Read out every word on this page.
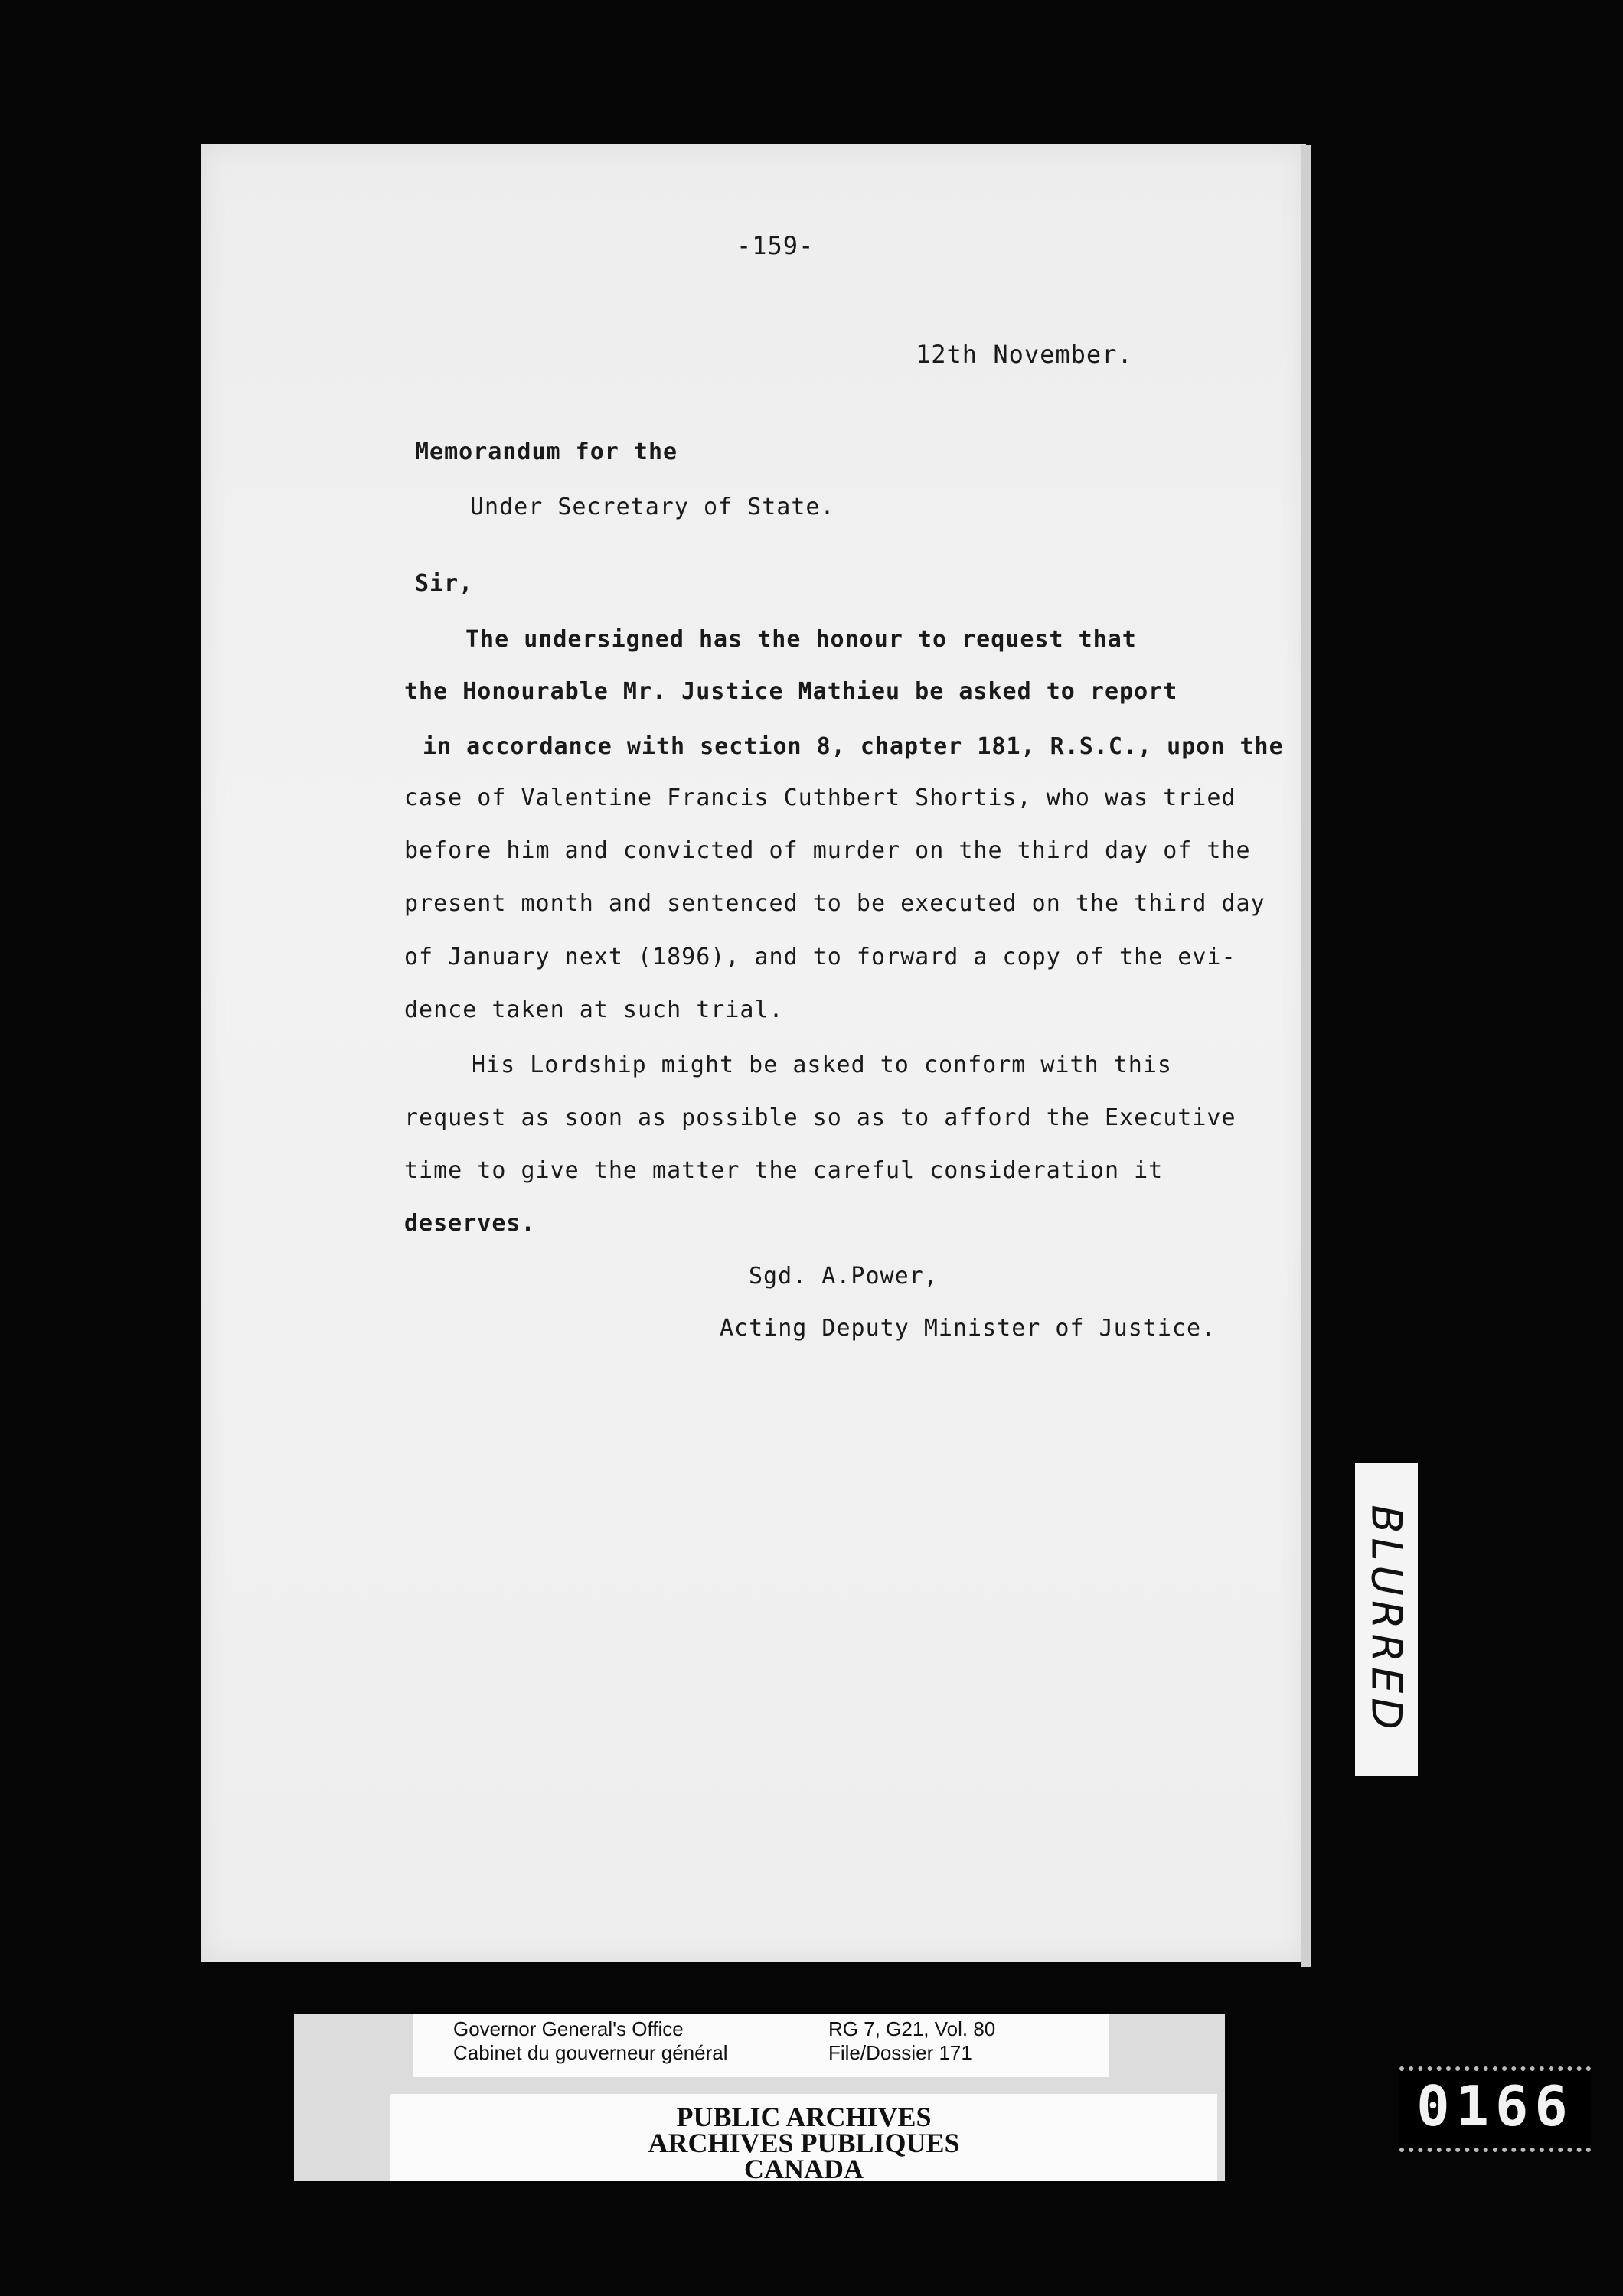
-159-
12th November.
Memorandum for the
Under Secretary of State.
Sir,
The undersigned has the honour to request that
the Honourable Mr. Justice Mathieu be asked to report
in accordance with section 8, chapter 181, R.S.C., upon the
case of Valentine Francis Cuthbert Shortis, who was tried
before him and convicted of murder on the third day of the
present month and sentenced to be executed on the third day
of January next (1896), and to forward a copy of the evi-
dence taken at such trial.
His Lordship might be asked to conform with this
request as soon as possible so as to afford the Executive
time to give the matter the careful consideration it
deserves.
Sgd. A.Power,
Acting Deputy Minister of Justice.
BLURRED
Governor General's Office
Cabinet du gouverneur général
RG 7, G21, Vol. 80
File/Dossier 171
PUBLIC ARCHIVES
ARCHIVES PUBLIQUES
CANADA
0166
